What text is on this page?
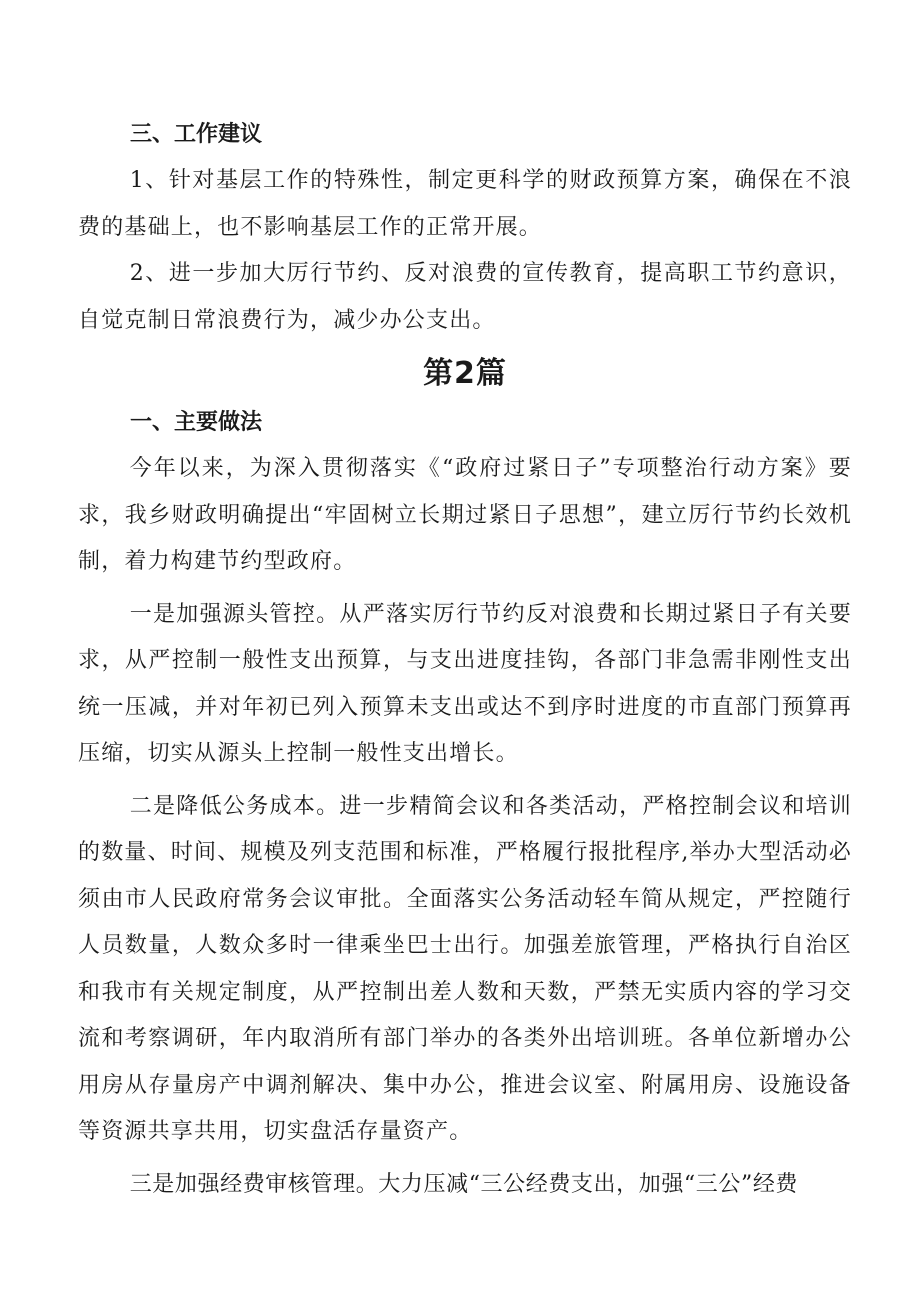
三、工作建议

1、针对基层工作的特殊性，制定更科学的财政预算方案，确保在不浪费的基础上，也不影响基层工作的正常开展。

2、进一步加大厉行节约、反对浪费的宣传教育，提高职工节约意识，自觉克制日常浪费行为，减少办公支出。

第2篇
一、主要做法

今年以来，为深入贯彻落实《“政府过紧日子”专项整治行动方案》要求，我乡财政明确提出“牢固树立长期过紧日子思想”，建立厉行节约长效机制，着力构建节约型政府。

一是加强源头管控。从严落实厉行节约反对浪费和长期过紧日子有关要求，从严控制一般性支出预算，与支出进度挂钩，各部门非急需非刚性支出统一压减，并对年初已列入预算未支出或达不到序时进度的市直部门预算再压缩，切实从源头上控制一般性支出增长。

二是降低公务成本。进一步精简会议和各类活动，严格控制会议和培训的数量、时间、规模及列支范围和标准，严格履行报批程序,举办大型活动必须由市人民政府常务会议审批。全面落实公务活动轻车简从规定，严控随行人员数量，人数众多时一律乘坐巴士出行。加强差旅管理，严格执行自治区和我市有关规定制度，从严控制出差人数和天数，严禁无实质内容的学习交流和考察调研，年内取消所有部门举办的各类外出培训班。各单位新增办公用房从存量房产中调剂解决、集中办公，推进会议室、附属用房、设施设备等资源共享共用，切实盘活存量资产。

三是加强经费审核管理。大力压减“三公经费支出，加强“三公”经费
